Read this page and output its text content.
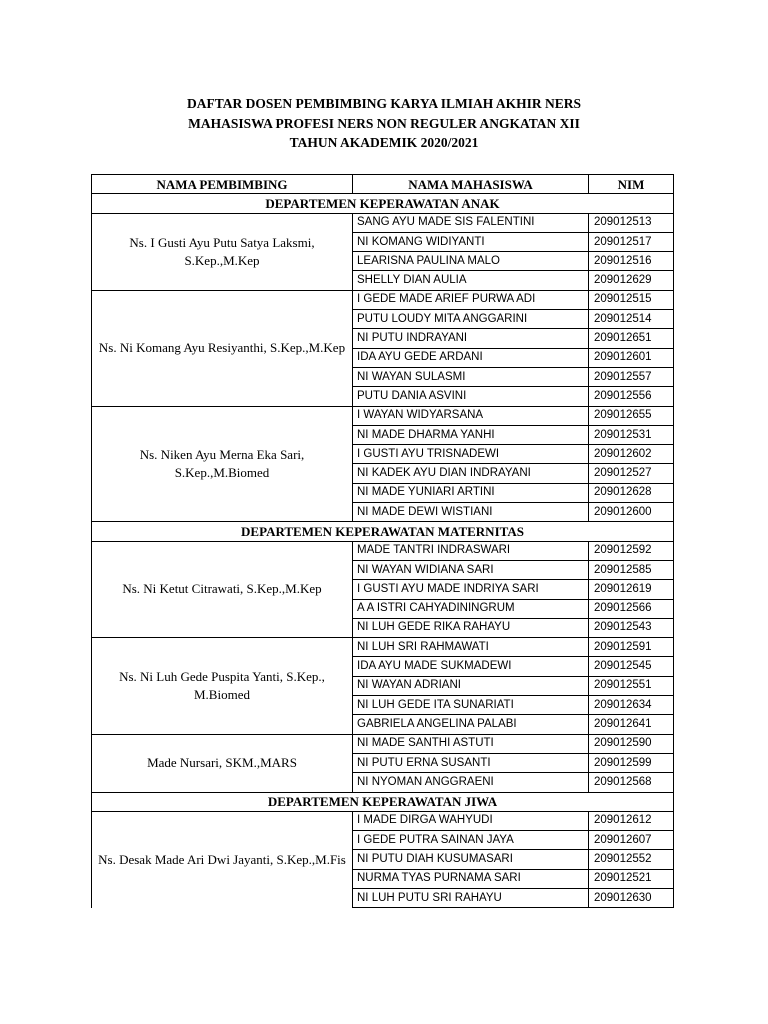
DAFTAR DOSEN PEMBIMBING KARYA ILMIAH AKHIR NERS
MAHASISWA PROFESI NERS NON REGULER ANGKATAN XII
TAHUN AKADEMIK 2020/2021
NAMA PEMBIMBING	NAMA MAHASISWA	NIM
DEPARTEMEN KEPERAWATAN ANAK		
Ns. I Gusti Ayu Putu Satya Laksmi, S.Kep.,M.Kep	SANG AYU MADE SIS FALENTINI	209012513
	NI KOMANG WIDIYANTI	209012517
	LEARISNA PAULINA MALO	209012516
	SHELLY DIAN AULIA	209012629
Ns. Ni Komang Ayu Resiyanthi, S.Kep.,M.Kep	I GEDE MADE ARIEF PURWA ADI	209012515
	PUTU LOUDY MITA ANGGARINI	209012514
	NI PUTU INDRAYANI	209012651
	IDA AYU GEDE ARDANI	209012601
	NI WAYAN SULASMI	209012557
	PUTU DANIA ASVINI	209012556
Ns. Niken Ayu Merna Eka Sari, S.Kep.,M.Biomed	I WAYAN WIDYARSANA	209012655
	NI MADE DHARMA YANHI	209012531
	I GUSTI AYU TRISNADEWI	209012602
	NI KADEK AYU DIAN INDRAYANI	209012527
	NI MADE YUNIARI ARTINI	209012628
	NI MADE DEWI WISTIANI	209012600
DEPARTEMEN KEPERAWATAN MATERNITAS		
Ns. Ni Ketut Citrawati, S.Kep.,M.Kep	MADE TANTRI INDRASWARI	209012592
	NI WAYAN WIDIANA SARI	209012585
	I GUSTI AYU MADE INDRIYA SARI	209012619
	A A ISTRI CAHYADININGRUM	209012566
	NI LUH GEDE RIKA RAHAYU	209012543
Ns. Ni Luh Gede Puspita Yanti, S.Kep., M.Biomed	NI LUH SRI RAHMAWATI	209012591
	IDA AYU MADE SUKMADEWI	209012545
	NI WAYAN ADRIANI	209012551
	NI LUH GEDE ITA SUNARIATI	209012634
	GABRIELA ANGELINA PALABI	209012641
Made Nursari, SKM.,MARS	NI MADE SANTHI ASTUTI	209012590
	NI PUTU ERNA SUSANTI	209012599
	NI NYOMAN ANGGRAENI	209012568
DEPARTEMEN KEPERAWATAN JIWA		
Ns. Desak Made Ari Dwi Jayanti, S.Kep.,M.Fis	I MADE DIRGA WAHYUDI	209012612
	I GEDE PUTRA SAINAN JAYA	209012607
	NI PUTU DIAH KUSUMASARI	209012552
	NURMA TYAS PURNAMA SARI	209012521
	NI LUH PUTU SRI RAHAYU	209012630
